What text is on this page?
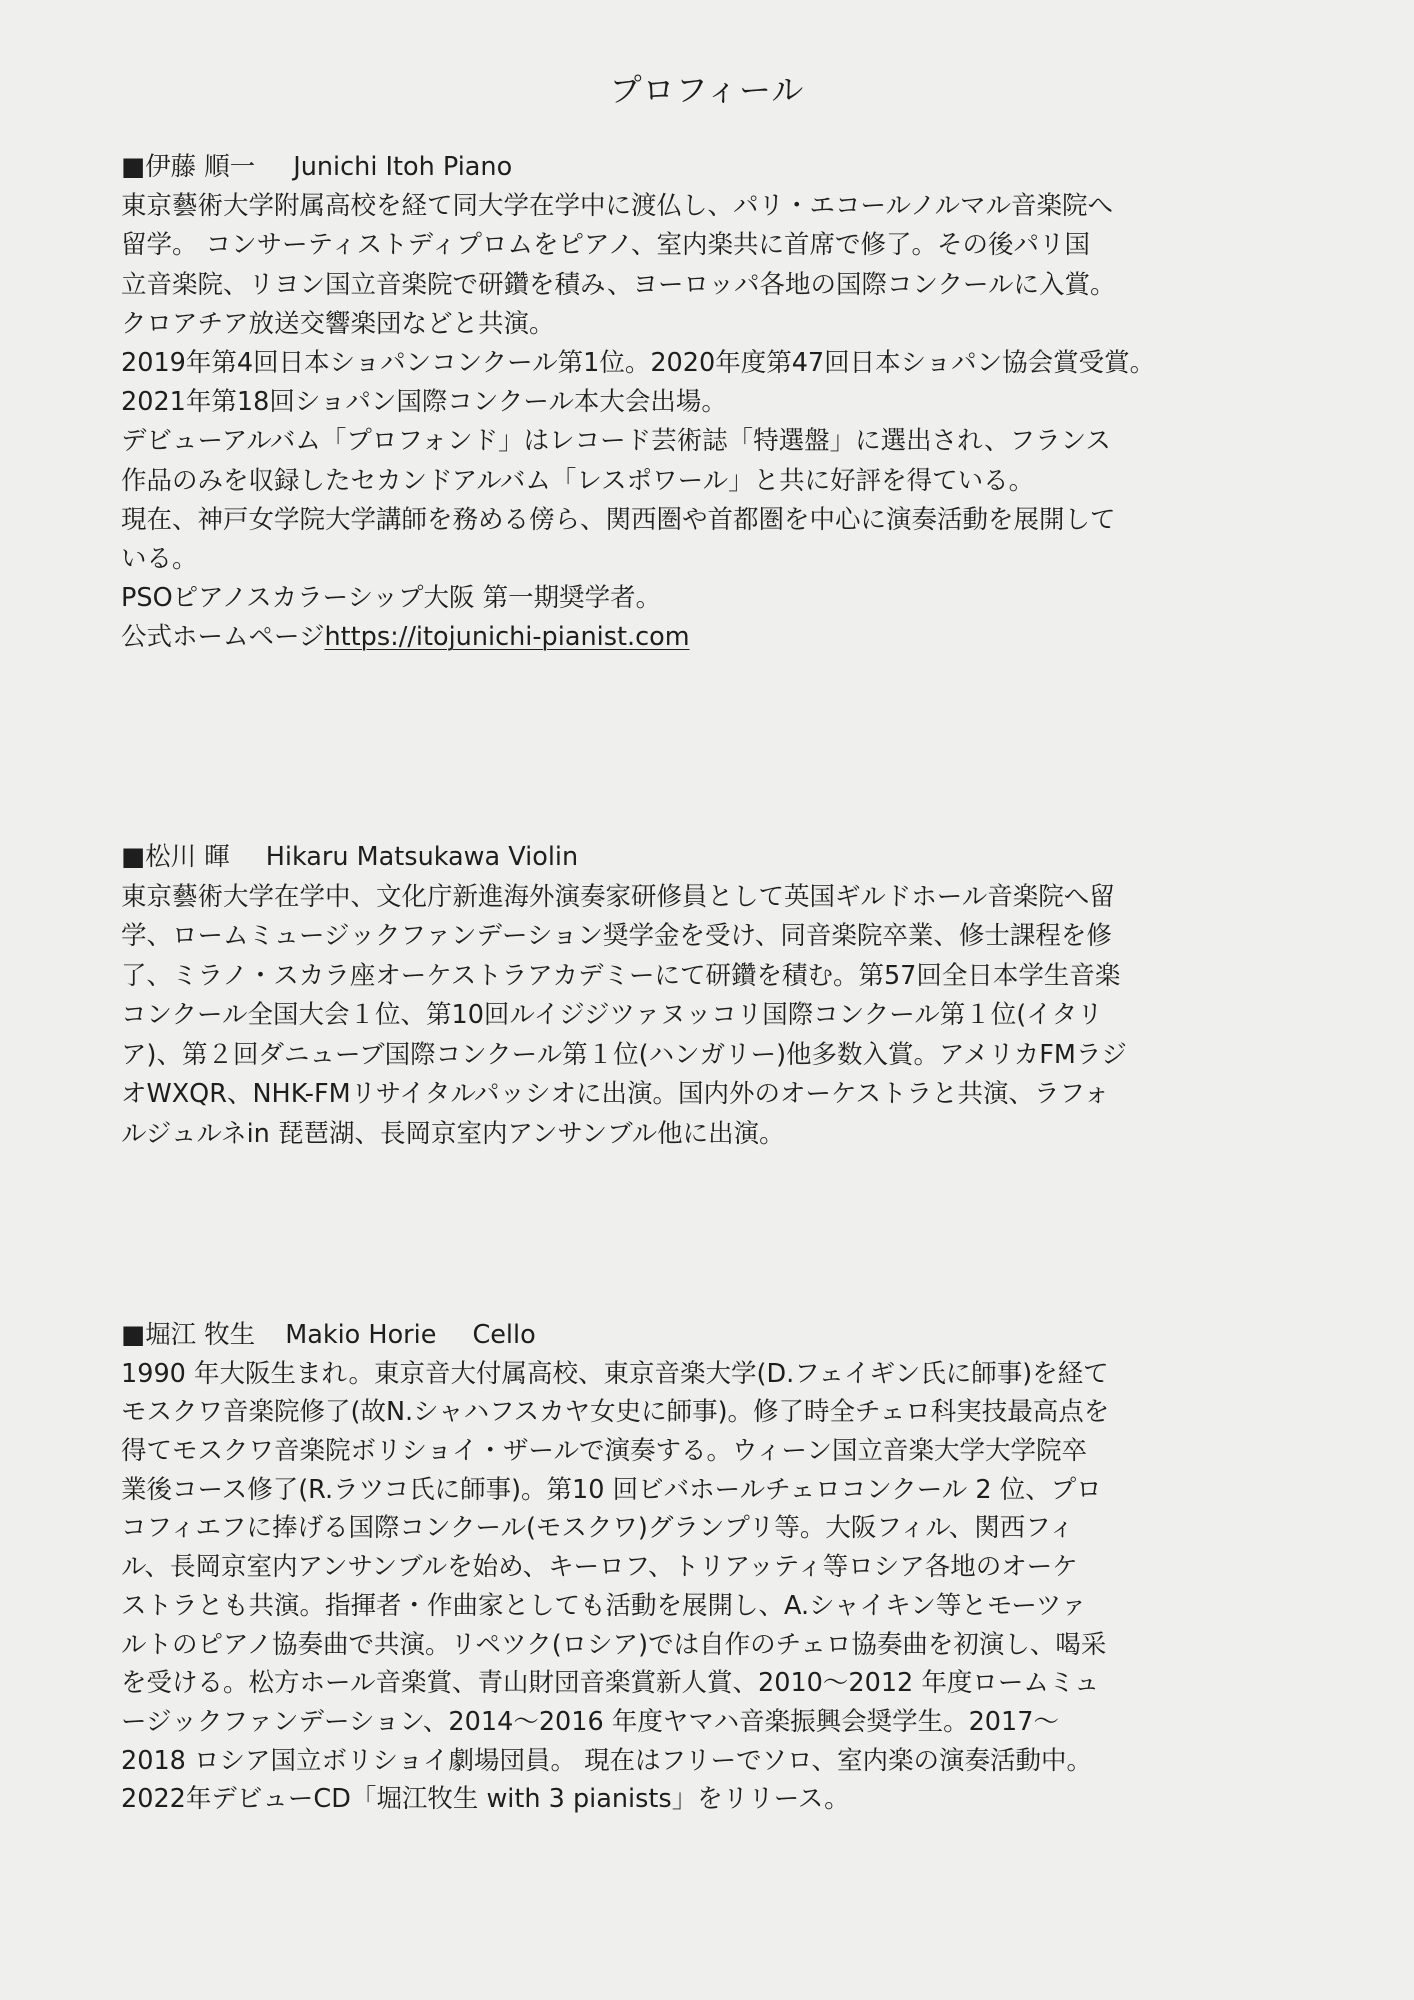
プロフィール
■伊藤 順一 Junichi Itoh Piano
東京藝術大学附属高校を経て同大学在学中に渡仏し、パリ・エコールノルマル音楽院へ
留学。 コンサーティストディプロムをピアノ、室内楽共に首席で修了。その後パリ国
立音楽院、リヨン国立音楽院で研鑽を積み、ヨーロッパ各地の国際コンクールに入賞。
クロアチア放送交響楽団などと共演。
2019年第4回日本ショパンコンクール第1位。2020年度第47回日本ショパン協会賞受賞。
2021年第18回ショパン国際コンクール本大会出場。
デビューアルバム「プロフォンド」はレコード芸術誌「特選盤」に選出され、フランス
作品のみを収録したセカンドアルバム「レスポワール」と共に好評を得ている。
現在、神戸女学院大学講師を務める傍ら、関西圏や首都圏を中心に演奏活動を展開して
いる。
PSOピアノスカラーシップ大阪 第一期奨学者。
公式ホームページhttps://itojunichi-pianist.com
■松川 暉 Hikaru Matsukawa Violin
東京藝術大学在学中、文化庁新進海外演奏家研修員として英国ギルドホール音楽院へ留
学、ロームミュージックファンデーション奨学金を受け、同音楽院卒業、修士課程を修
了、ミラノ・スカラ座オーケストラアカデミーにて研鑽を積む。第57回全日本学生音楽
コンクール全国大会１位、第10回ルイジジツァヌッコリ国際コンクール第１位(イタリ
ア)、第２回ダニューブ国際コンクール第１位(ハンガリー)他多数入賞。アメリカFMラジ
オWXQR、NHK-FMリサイタルパッシオに出演。国内外のオーケストラと共演、ラフォ
ルジュルネin 琵琶湖、長岡京室内アンサンブル他に出演。
■堀江 牧生 Makio Horie Cello
1990 年大阪生まれ。東京音大付属高校、東京音楽大学(D.フェイギン氏に師事)を経て
モスクワ音楽院修了(故N.シャハフスカヤ女史に師事)。修了時全チェロ科実技最高点を
得てモスクワ音楽院ボリショイ・ザールで演奏する。ウィーン国立音楽大学大学院卒
業後コース修了(R.ラツコ氏に師事)。第10 回ビバホールチェロコンクール 2 位、プロ
コフィエフに捧げる国際コンクール(モスクワ)グランプリ等。大阪フィル、関西フィ
ル、長岡京室内アンサンブルを始め、キーロフ、トリアッティ等ロシア各地のオーケ
ストラとも共演。指揮者・作曲家としても活動を展開し、A.シャイキン等とモーツァ
ルトのピアノ協奏曲で共演。リペツク(ロシア)では自作のチェロ協奏曲を初演し、喝采
を受ける。松方ホール音楽賞、青山財団音楽賞新人賞、2010〜2012 年度ロームミュ
ージックファンデーション、2014〜2016 年度ヤマハ音楽振興会奨学生。2017〜
2018 ロシア国立ボリショイ劇場団員。 現在はフリーでソロ、室内楽の演奏活動中。
2022年デビューCD「堀江牧生 with 3 pianists」をリリース。
